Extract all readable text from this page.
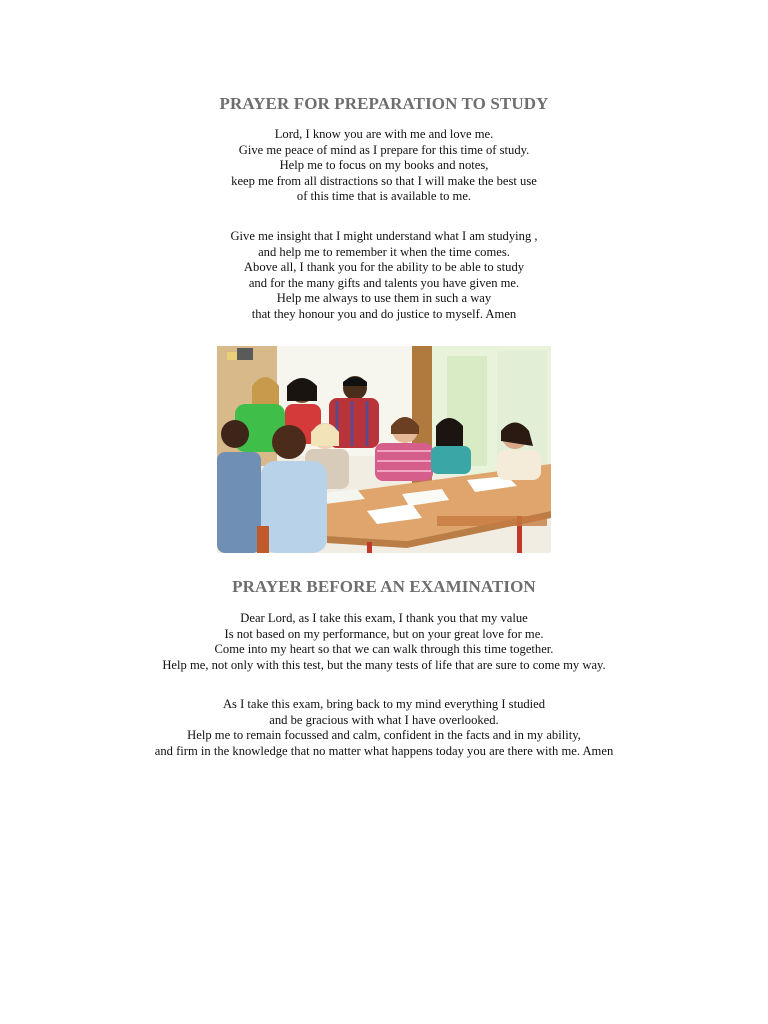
PRAYER FOR PREPARATION TO STUDY
Lord, I know you are with me and love me.
Give me peace of mind as I prepare for this time of study.
Help me to focus on my books and notes,
keep me from all distractions so that I will make the best use
of this time that is available to me.
Give me insight that I might understand what I am studying ,
and help me to remember it when the time comes.
Above all, I thank you for the ability to be able to study
and for the many gifts and talents you have given me.
Help me always to use them in such a way
that they honour you and do justice to myself. Amen
PRAYER BEFORE AN EXAMINATION
Dear Lord, as I take this exam, I thank you that my value
Is not based on my performance, but on your great love for me.
Come into my heart so that we can walk through this time together.
Help me, not only with this test, but the many tests of life that are sure to come my way.
As I take this exam, bring back to my mind everything I studied
and be gracious with what I have overlooked.
Help me to remain focussed and calm, confident in the facts and in my ability,
and firm in the knowledge that no matter what happens today you are there with me. Amen
